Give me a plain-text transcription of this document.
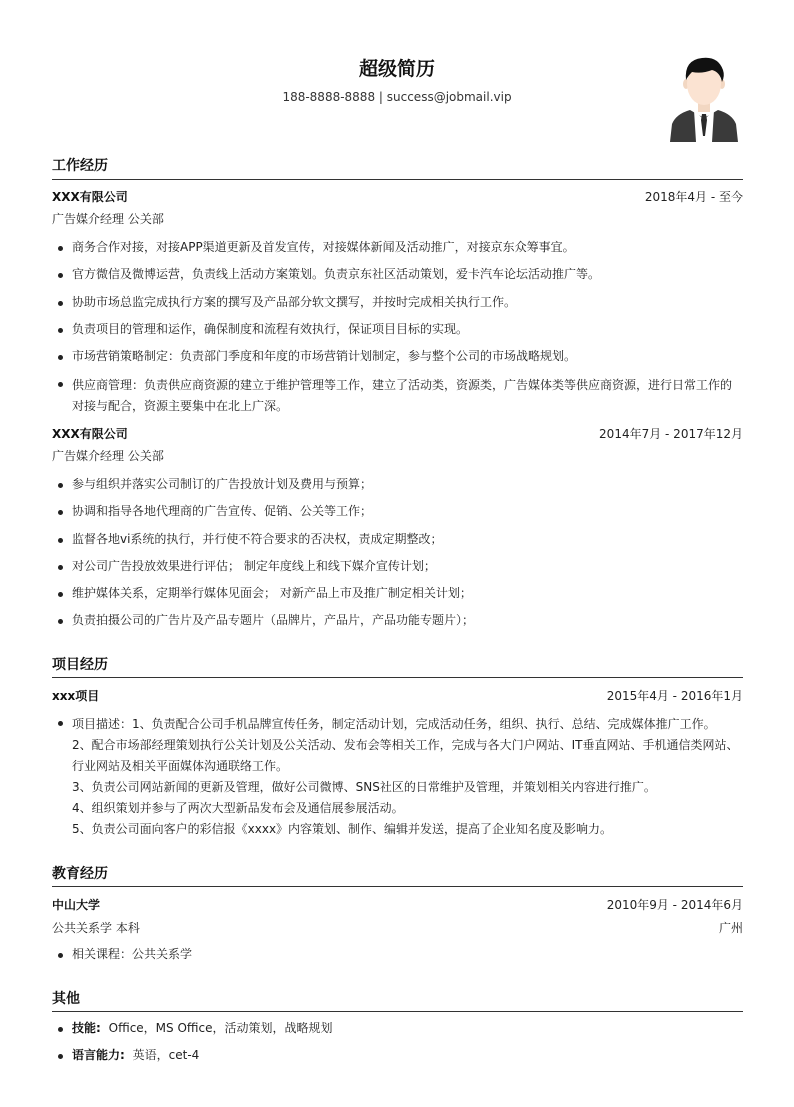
超级简历
188-8888-8888 | success@jobmail.vip
工作经历
XXX有限公司	2018年4月 - 至今
广告媒介经理 公关部
商务合作对接，对接APP渠道更新及首发宣传，对接媒体新闻及活动推广，对接京东众筹事宜。
官方微信及微博运营，负责线上活动方案策划。负责京东社区活动策划，爱卡汽车论坛活动推广等。
协助市场总监完成执行方案的撰写及产品部分软文撰写，并按时完成相关执行工作。
负责项目的管理和运作，确保制度和流程有效执行，保证项目目标的实现。
市场营销策略制定：负责部门季度和年度的市场营销计划制定，参与整个公司的市场战略规划。
供应商管理：负责供应商资源的建立于维护管理等工作，建立了活动类，资源类，广告媒体类等供应商资源，进行日常工作的对接与配合，资源主要集中在北上广深。
XXX有限公司	2014年7月 - 2017年12月
广告媒介经理 公关部
参与组织并落实公司制订的广告投放计划及费用与预算；
协调和指导各地代理商的广告宣传、促销、公关等工作；
监督各地vi系统的执行，并行使不符合要求的否决权，责成定期整改；
对公司广告投放效果进行评估； 制定年度线上和线下媒介宣传计划；
维护媒体关系，定期举行媒体见面会； 对新产品上市及推广制定相关计划；
负责拍摄公司的广告片及产品专题片（品牌片，产品片，产品功能专题片）；
项目经历
xxx项目	2015年4月 - 2016年1月
项目描述：1、负责配合公司手机品牌宣传任务，制定活动计划，完成活动任务，组织、执行、总结、完成媒体推广工作。
2、配合市场部经理策划执行公关计划及公关活动、发布会等相关工作，完成与各大门户网站、IT垂直网站、手机通信类网站、行业网站及相关平面媒体沟通联络工作。
3、负责公司网站新闻的更新及管理，做好公司微博、SNS社区的日常维护及管理，并策划相关内容进行推广。
4、组织策划并参与了两次大型新品发布会及通信展参展活动。
5、负责公司面向客户的彩信报《xxxx》内容策划、制作、编辑并发送，提高了企业知名度及影响力。
教育经历
中山大学	2010年9月 - 2014年6月
公共关系学 本科	广州
相关课程：公共关系学
其他
技能: Office，MS Office，活动策划，战略规划
语言能力: 英语，cet-4
